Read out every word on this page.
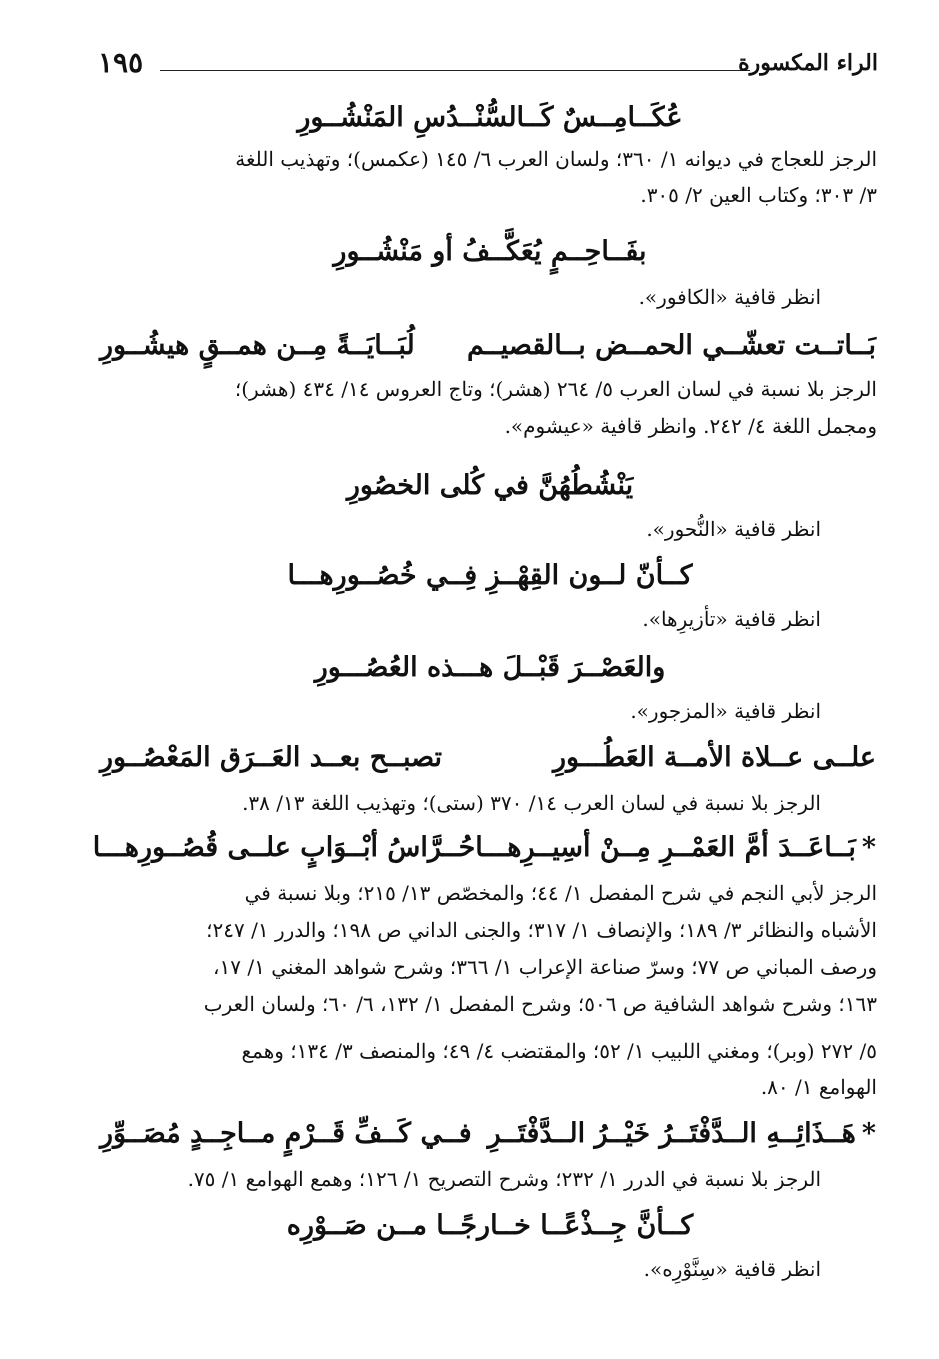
١٩٥	الراء المكسورة
عُكَــامِــسٌ كَــالسُّنْــدُسِ المَنْشُــورِ
الرجز للعجاج في ديوانه ١/ ٣٦٠؛ ولسان العرب ٦/ ١٤٥ (عكمس)؛ وتهذيب اللغة
٣/ ٣٠٣؛ وكتاب العين ٢/ ٣٠٥.
بفَــاحِــمٍ يُعَكَّــفُ أو مَنْشُــورِ
انظر قافية «الكافور».
بَــاتــت تعشّــي الحمــض بــالقصيــم
لُبَــايَــةً مِــن همــقٍ هيشُــورِ
الرجز بلا نسبة في لسان العرب ٥/ ٢٦٤ (هشر)؛ وتاج العروس ١٤/ ٤٣٤ (هشر)؛
ومجمل اللغة ٤/ ٢٤٢. وانظر قافية «عيشوم».
يَنْشُطُهُنَّ في كُلى الخصُورِ
انظر قافية «النُّحور».
كــأنّ لــون القِهْــزِ فِــي خُصُــورِهـــا
انظر قافية «تأزيرِها».
والعَصْــرَ قَبْــلَ هـــذه العُصُـــورِ
انظر قافية «المزجور».
علــى عــلاة الأمــة العَطُـــورِ
تصبــح بعــد العَــرَق المَعْصُــورِ
الرجز بلا نسبة في لسان العرب ١٤/ ٣٧٠ (ستى)؛ وتهذيب اللغة ١٣/ ٣٨.
*بَــاعَــدَ أمَّ العَمْــرِ مِــنْ أسِيــرِهـــا
حُــرَّاسُ أبْــوَابٍ علــى قُصُــورِهـــا
الرجز لأبي النجم في شرح المفصل ١/ ٤٤؛ والمخصّص ١٣/ ٢١٥؛ وبلا نسبة في
الأشباه والنظائر ٣/ ١٨٩؛ والإنصاف ١/ ٣١٧؛ والجنى الداني ص ١٩٨؛ والدرر ١/ ٢٤٧؛
ورصف المباني ص ٧٧؛ وسرّ صناعة الإعراب ١/ ٣٦٦؛ وشرح شواهد المغني ١/ ١٧،
١٦٣؛ وشرح شواهد الشافية ص ٥٠٦؛ وشرح المفصل ١/ ١٣٢، ٦/ ٦٠؛ ولسان العرب
٥/ ٢٧٢ (وبر)؛ ومغني اللبيب ١/ ٥٢؛ والمقتضب ٤/ ٤٩؛ والمنصف ٣/ ١٣٤؛ وهمع
الهوامع ١/ ٨٠.
*هَــذَائِــهِ الــدَّفْتَــرُ خَيْــرُ الــدَّفْتَــرِ
فــي كَــفِّ قَــرْمٍ مــاجِــدٍ مُصَــوِّرِ
الرجز بلا نسبة في الدرر ١/ ٢٣٢؛ وشرح التصريح ١/ ١٢٦؛ وهمع الهوامع ١/ ٧٥.
كــأنَّ جِــذْعًــا خــارجًــا مــن صَــوْرِه
انظر قافية «سِنَّوْرِه».
